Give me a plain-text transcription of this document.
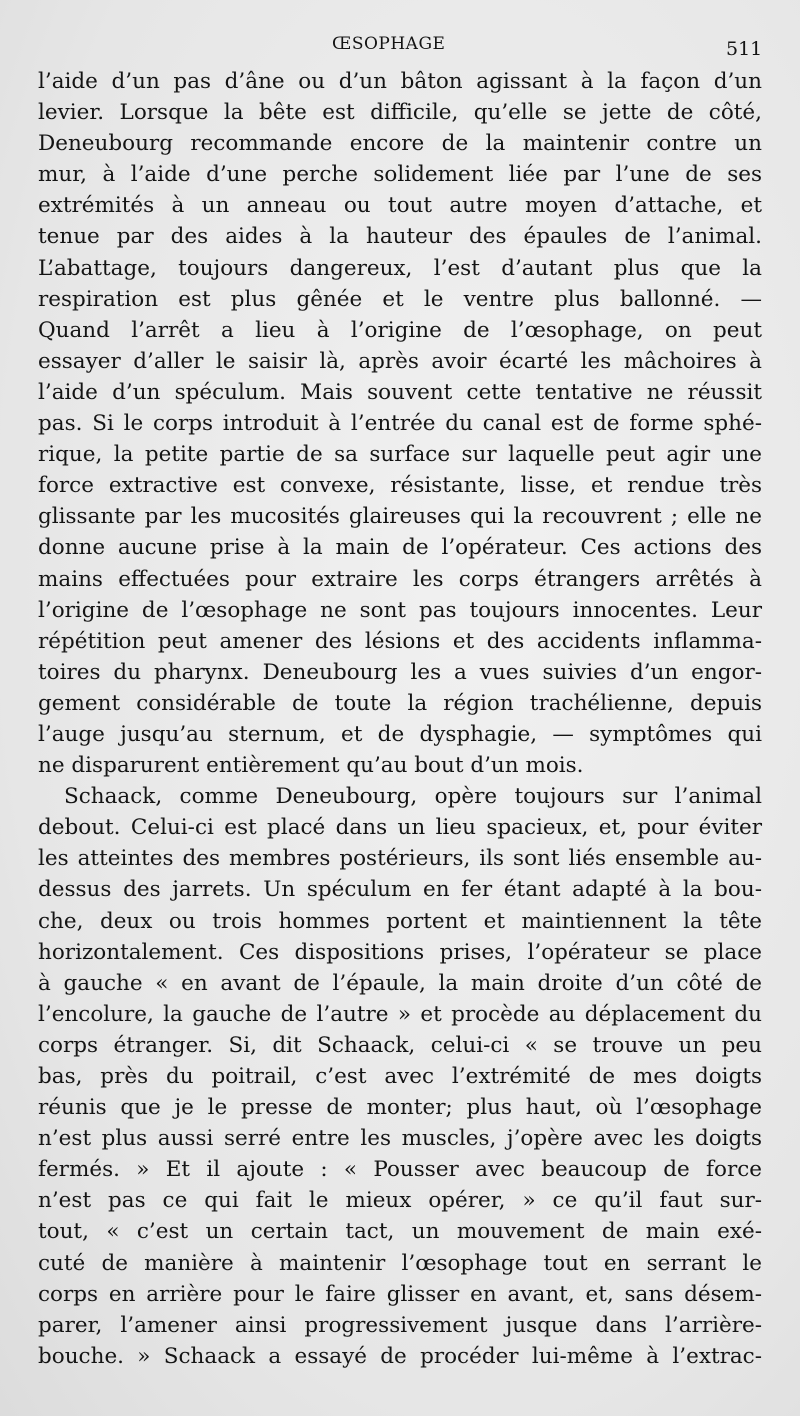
ŒSOPHAGE	511
l’aide d’un pas d’âne ou d’un bâton agissant à la façon d’un
levier. Lorsque la bête est difficile, qu’elle se jette de côté,
Deneubourg recommande encore de la maintenir contre un
mur, à l’aide d’une perche solidement liée par l’une de ses
extrémités à un anneau ou tout autre moyen d’attache, et
tenue par des aides à la hauteur des épaules de l’animal.
L’abattage, toujours dangereux, l’est d’autant plus que la
respiration est plus gênée et le ventre plus ballonné. —
Quand l’arrêt a lieu à l’origine de l’œsophage, on peut
essayer d’aller le saisir là, après avoir écarté les mâchoires à
l’aide d’un spéculum. Mais souvent cette tentative ne réussit
pas. Si le corps introduit à l’entrée du canal est de forme sphé-
rique, la petite partie de sa surface sur laquelle peut agir une
force extractive est convexe, résistante, lisse, et rendue très
glissante par les mucosités glaireuses qui la recouvrent ; elle ne
donne aucune prise à la main de l’opérateur. Ces actions des
mains effectuées pour extraire les corps étrangers arrêtés à
l’origine de l’œsophage ne sont pas toujours innocentes. Leur
répétition peut amener des lésions et des accidents inflamma-
toires du pharynx. Deneubourg les a vues suivies d’un engor-
gement considérable de toute la région trachélienne, depuis
l’auge jusqu’au sternum, et de dysphagie, — symptômes qui
ne disparurent entièrement qu’au bout d’un mois.
Schaack, comme Deneubourg, opère toujours sur l’animal
debout. Celui-ci est placé dans un lieu spacieux, et, pour éviter
les atteintes des membres postérieurs, ils sont liés ensemble au-
dessus des jarrets. Un spéculum en fer étant adapté à la bou-
che, deux ou trois hommes portent et maintiennent la tête
horizontalement. Ces dispositions prises, l’opérateur se place
à gauche « en avant de l’épaule, la main droite d’un côté de
l’encolure, la gauche de l’autre » et procède au déplacement du
corps étranger. Si, dit Schaack, celui-ci « se trouve un peu
bas, près du poitrail, c’est avec l’extrémité de mes doigts
réunis que je le presse de monter; plus haut, où l’œsophage
n’est plus aussi serré entre les muscles, j’opère avec les doigts
fermés. » Et il ajoute : « Pousser avec beaucoup de force
n’est pas ce qui fait le mieux opérer, » ce qu’il faut sur-
tout, « c’est un certain tact, un mouvement de main exé-
cuté de manière à maintenir l’œsophage tout en serrant le
corps en arrière pour le faire glisser en avant, et, sans désem-
parer, l’amener ainsi progressivement jusque dans l’arrière-
bouche. » Schaack a essayé de procéder lui-même à l’extrac-
